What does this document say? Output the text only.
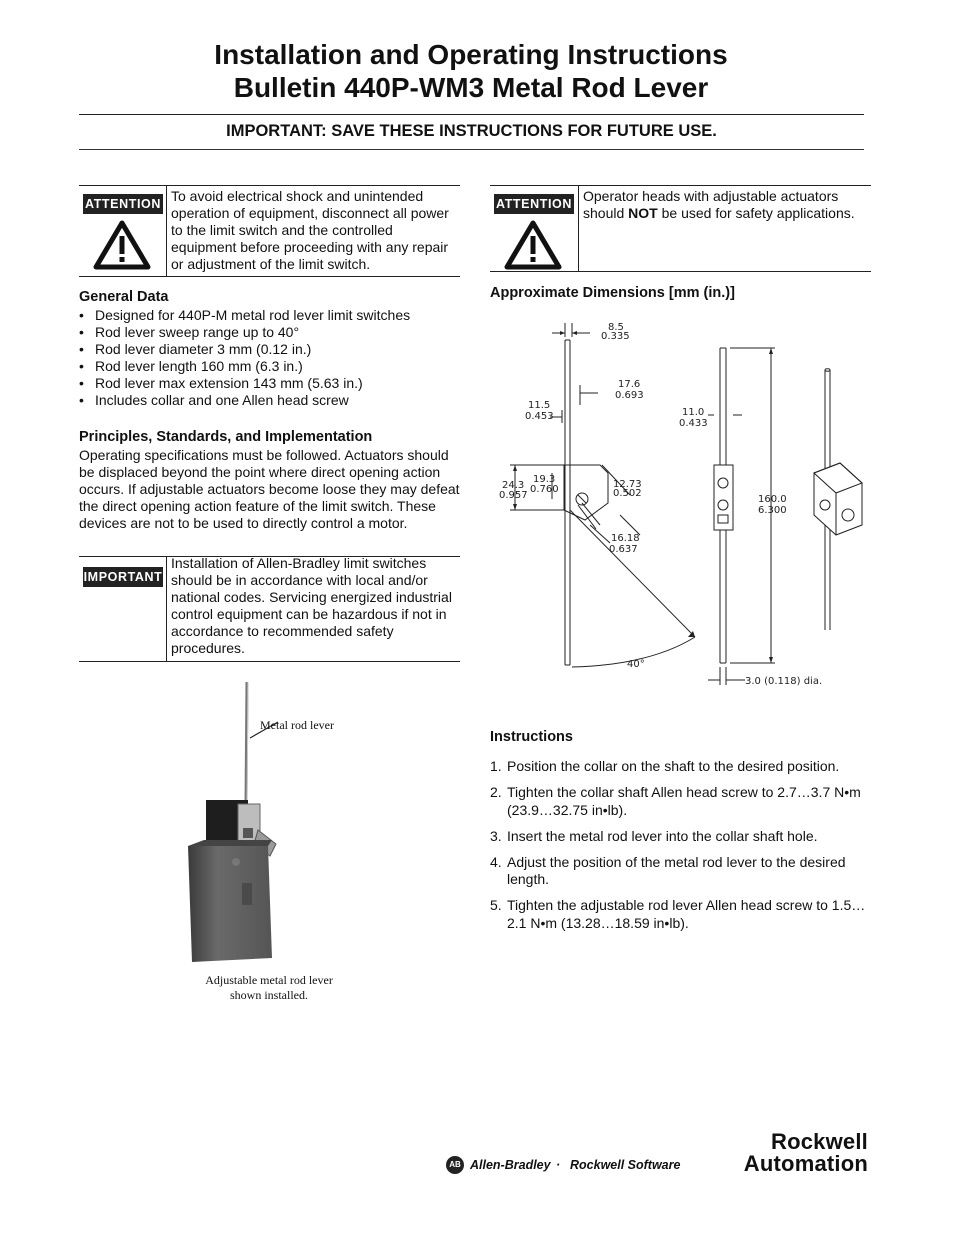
Installation and Operating Instructions
Bulletin 440P-WM3 Metal Rod Lever
IMPORTANT: SAVE THESE INSTRUCTIONS FOR FUTURE USE.
ATTENTION To avoid electrical shock and unintended operation of equipment, disconnect all power to the limit switch and the controlled equipment before proceeding with any repair or adjustment of the limit switch.
ATTENTION Operator heads with adjustable actuators should NOT be used for safety applications.
General Data
• Designed for 440P-M metal rod lever limit switches
• Rod lever sweep range up to 40°
• Rod lever diameter 3 mm (0.12 in.)
• Rod lever length 160 mm (6.3 in.)
• Rod lever max extension 143 mm (5.63 in.)
• Includes collar and one Allen head screw
Principles, Standards, and Implementation
Operating specifications must be followed. Actuators should be displaced beyond the point where direct opening action occurs. If adjustable actuators become loose they may defeat the direct opening action feature of the limit switch. These devices are not to be used to directly control a motor.
IMPORTANT
Installation of Allen-Bradley limit switches should be in accordance with local and/or national codes. Servicing energized industrial control equipment can be hazardous if not in accordance to recommended safety procedures.
Metal rod lever
Adjustable metal rod lever
shown installed.
Approximate Dimensions [mm (in.)]
8.5
0.335
17.6
0.693
11.5
0.453	11.0
0.433
24.3
0.957
19.3
0.760	12.73
0.502
16.18
0.637
160.0
6.300
40°
3.0 (0.118) dia.
Instructions
1. Position the collar on the shaft to the desired position.
2. Tighten the collar shaft Allen head screw to 2.7…3.7 N•m (23.9…32.75 in•lb).
3. Insert the metal rod lever into the collar shaft hole.
4. Adjust the position of the metal rod lever to the desired length.
5. Tighten the adjustable rod lever Allen head screw to 1.5…2.1 N•m (13.28…18.59 in•lb).
AB Allen-Bradley · Rockwell Software
Rockwell
Automation
